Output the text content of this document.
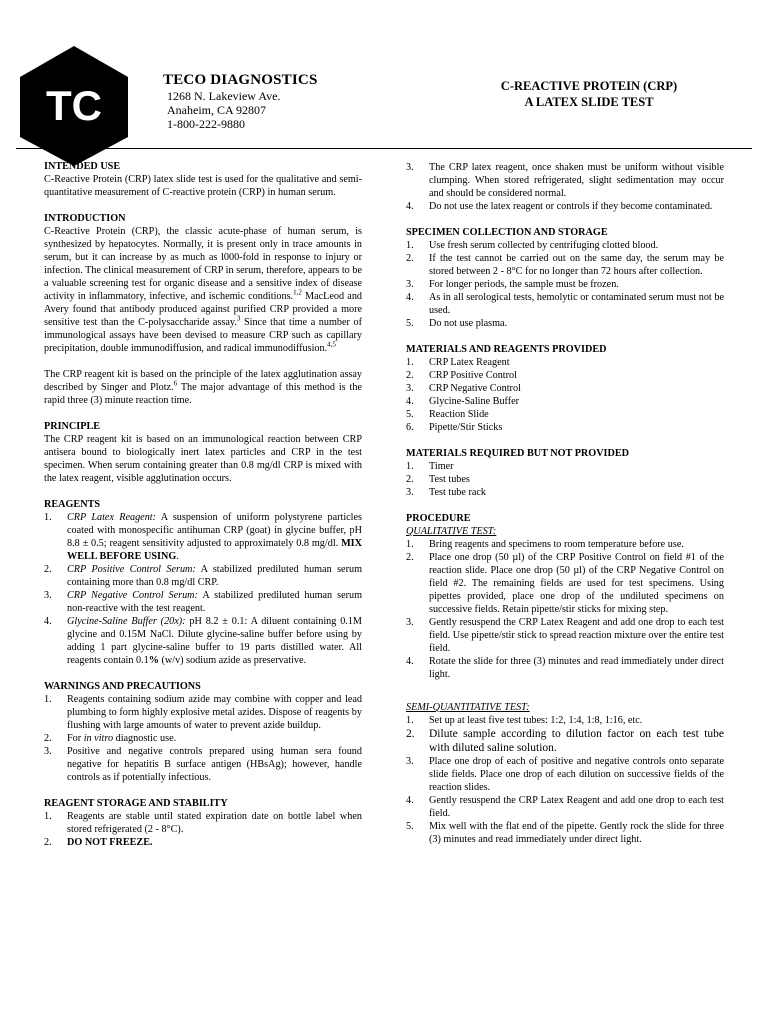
TC
TECO DIAGNOSTICS
1268 N. Lakeview Ave.
Anaheim, CA 92807
1-800-222-9880
C-REACTIVE PROTEIN (CRP)
A LATEX SLIDE TEST

INTENDED USE

C-Reactive Protein (CRP) latex slide test is used for the qualitative and semi-quantitative measurement of C-reactive protein (CRP) in human serum.

INTRODUCTION

C-Reactive Protein (CRP), the classic acute-phase of human serum, is synthesized by hepatocytes. Normally, it is present only in trace amounts in serum, but it can increase by as much as l000-fold in response to injury or infection. The clinical measurement of CRP in serum, therefore, appears to be a valuable screening test for organic disease and a sensitive index of disease activity in inflammatory, infective, and ischemic conditions.$^{1,2}$ MacLeod and Avery found that antibody produced against purified CRP provided a more sensitive test than the C-polysaccharide assay.$^3$ Since that time a number of immunological assays have been devised to measure CRP such as capillary precipitation, double immunodiffusion, and radical immunodiffusion.$^{4,5}$

The CRP reagent kit is based on the principle of the latex agglutination assay described by Singer and Plotz.$^6$ The major advantage of this method is the rapid three (3) minute reaction time.

PRINCIPLE

The CRP reagent kit is based on an immunological reaction between CRP antisera bound to biologically inert latex particles and CRP in the test specimen. When serum containing greater than 0.8 mg/dl CRP is mixed with the latex reagent, visible agglutination occurs.

REAGENTS

1. CRP Latex Reagent: A suspension of uniform polystyrene particles coated with monospecific antihuman CRP (goat) in glycine buffer, pH 8.8 ± 0.5; reagent sensitivity adjusted to approximately 0.8 mg/dl. MIX WELL BEFORE USING.
2. CRP Positive Control Serum: A stabilized prediluted human serum containing more than 0.8 mg/dl CRP.
3. CRP Negative Control Serum: A stabilized prediluted human serum non-reactive with the test reagent.
4. Glycine-Saline Buffer (20x): pH 8.2 ± 0.1: A diluent containing 0.1M glycine and 0.15M NaCl. Dilute glycine-saline buffer before using by adding 1 part glycine-saline buffer to 19 parts distilled water. All reagents contain 0.1% (w/v) sodium azide as preservative.

WARNINGS AND PRECAUTIONS

1. Reagents containing sodium azide may combine with copper and lead plumbing to form highly explosive metal azides. Dispose of reagents by flushing with large amounts of water to prevent azide buildup.
2. For in vitro diagnostic use.
3. Positive and negative controls prepared using human sera found negative for hepatitis B surface antigen (HBsAg); however, handle controls as if potentially infectious.

REAGENT STORAGE AND STABILITY

1. Reagents are stable until stated expiration date on bottle label when stored refrigerated (2 - 8°C).
2. DO NOT FREEZE.
3. The CRP latex reagent, once shaken must be uniform without visible clumping. When stored refrigerated, slight sedimentation may occur and should be considered normal.
4. Do not use the latex reagent or controls if they become contaminated.

SPECIMEN COLLECTION AND STORAGE

1. Use fresh serum collected by centrifuging clotted blood.
2. If the test cannot be carried out on the same day, the serum may be stored between 2 - 8°C for no longer than 72 hours after collection.
3. For longer periods, the sample must be frozen.
4. As in all serological tests, hemolytic or contaminated serum must not be used.
5. Do not use plasma.

MATERIALS AND REAGENTS PROVIDED

1. CRP Latex Reagent
2. CRP Positive Control
3. CRP Negative Control
4. Glycine-Saline Buffer
5. Reaction Slide
6. Pipette/Stir Sticks

MATERIALS REQUIRED BUT NOT PROVIDED

1. Timer
2. Test tubes
3. Test tube rack

PROCEDURE

QUALITATIVE TEST:

1. Bring reagents and specimens to room temperature before use.
2. Place one drop (50 µl) of the CRP Positive Control on field #1 of the reaction slide. Place one drop (50 µl) of the CRP Negative Control on field #2. The remaining fields are used for test specimens. Using pipettes provided, place one drop of the undiluted specimens on successive fields. Retain pipette/stir sticks for mixing step.
3. Gently resuspend the CRP Latex Reagent and add one drop to each test field. Use pipette/stir stick to spread reaction mixture over the entire test field.
4. Rotate the slide for three (3) minutes and read immediately under direct light.

SEMI-QUANTITATIVE TEST:

1. Set up at least five test tubes: 1:2, 1:4, 1:8, 1:16, etc.
2. Dilute sample according to dilution factor on each test tube with diluted saline solution.
3. Place one drop of each of positive and negative controls onto separate slide fields. Place one drop of each dilution on successive fields of the reaction slides.
4. Gently resuspend the CRP Latex Reagent and add one drop to each test field.
5. Mix well with the flat end of the pipette. Gently rock the slide for three (3) minutes and read immediately under direct light.
